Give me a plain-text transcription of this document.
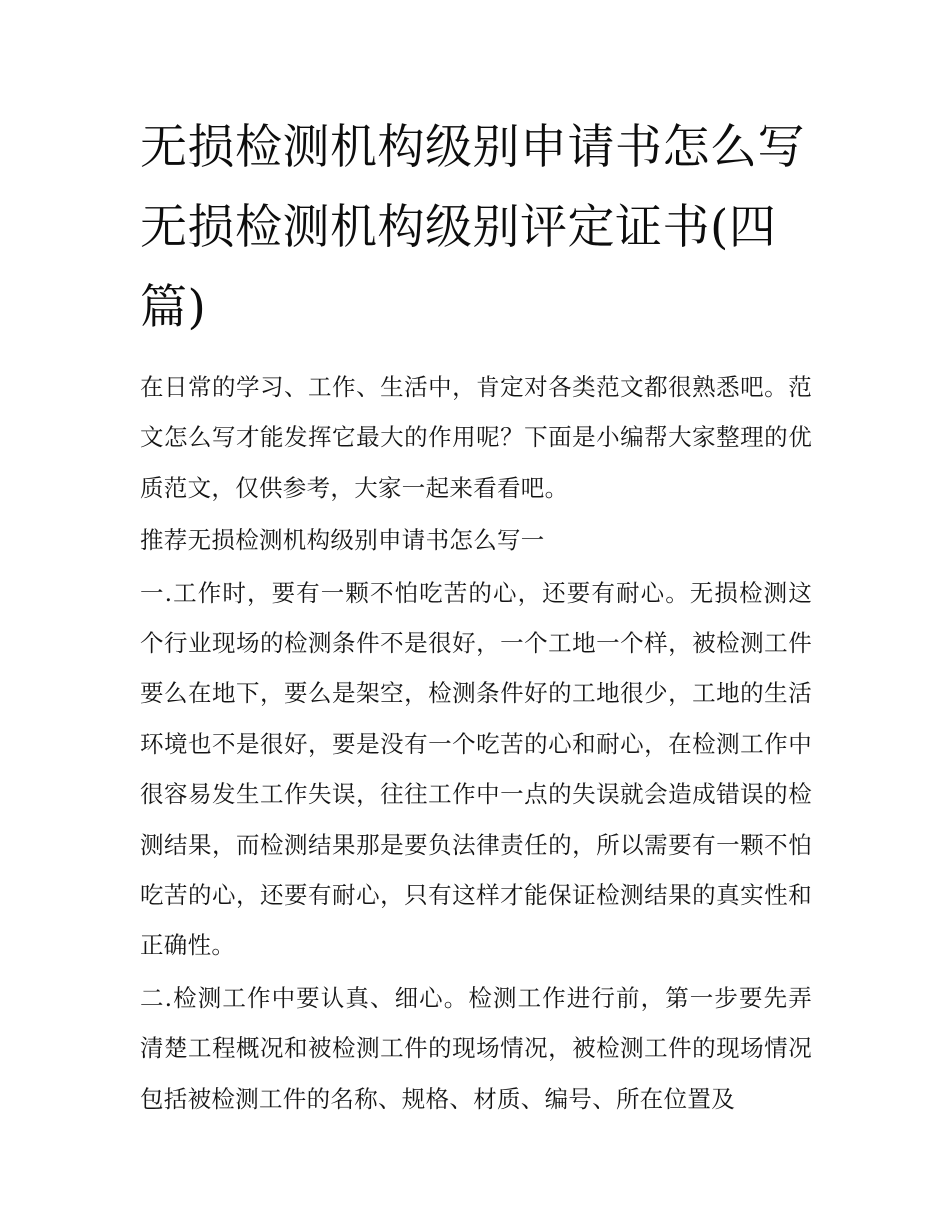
无损检测机构级别申请书怎么写 无损检测机构级别评定证书(四篇)

在日常的学习、工作、生活中，肯定对各类范文都很熟悉吧。范文怎么写才能发挥它最大的作用呢？下面是小编帮大家整理的优质范文，仅供参考，大家一起来看看吧。

推荐无损检测机构级别申请书怎么写一

一.工作时，要有一颗不怕吃苦的心，还要有耐心。无损检测这个行业现场的检测条件不是很好，一个工地一个样，被检测工件要么在地下，要么是架空，检测条件好的工地很少，工地的生活环境也不是很好，要是没有一个吃苦的心和耐心，在检测工作中很容易发生工作失误，往往工作中一点的失误就会造成错误的检测结果，而检测结果那是要负法律责任的，所以需要有一颗不怕吃苦的心，还要有耐心，只有这样才能保证检测结果的真实性和正确性。

二.检测工作中要认真、细心。检测工作进行前，第一步要先弄清楚工程概况和被检测工件的现场情况，被检测工件的现场情况包括被检测工件的名称、规格、材质、编号、所在位置及
